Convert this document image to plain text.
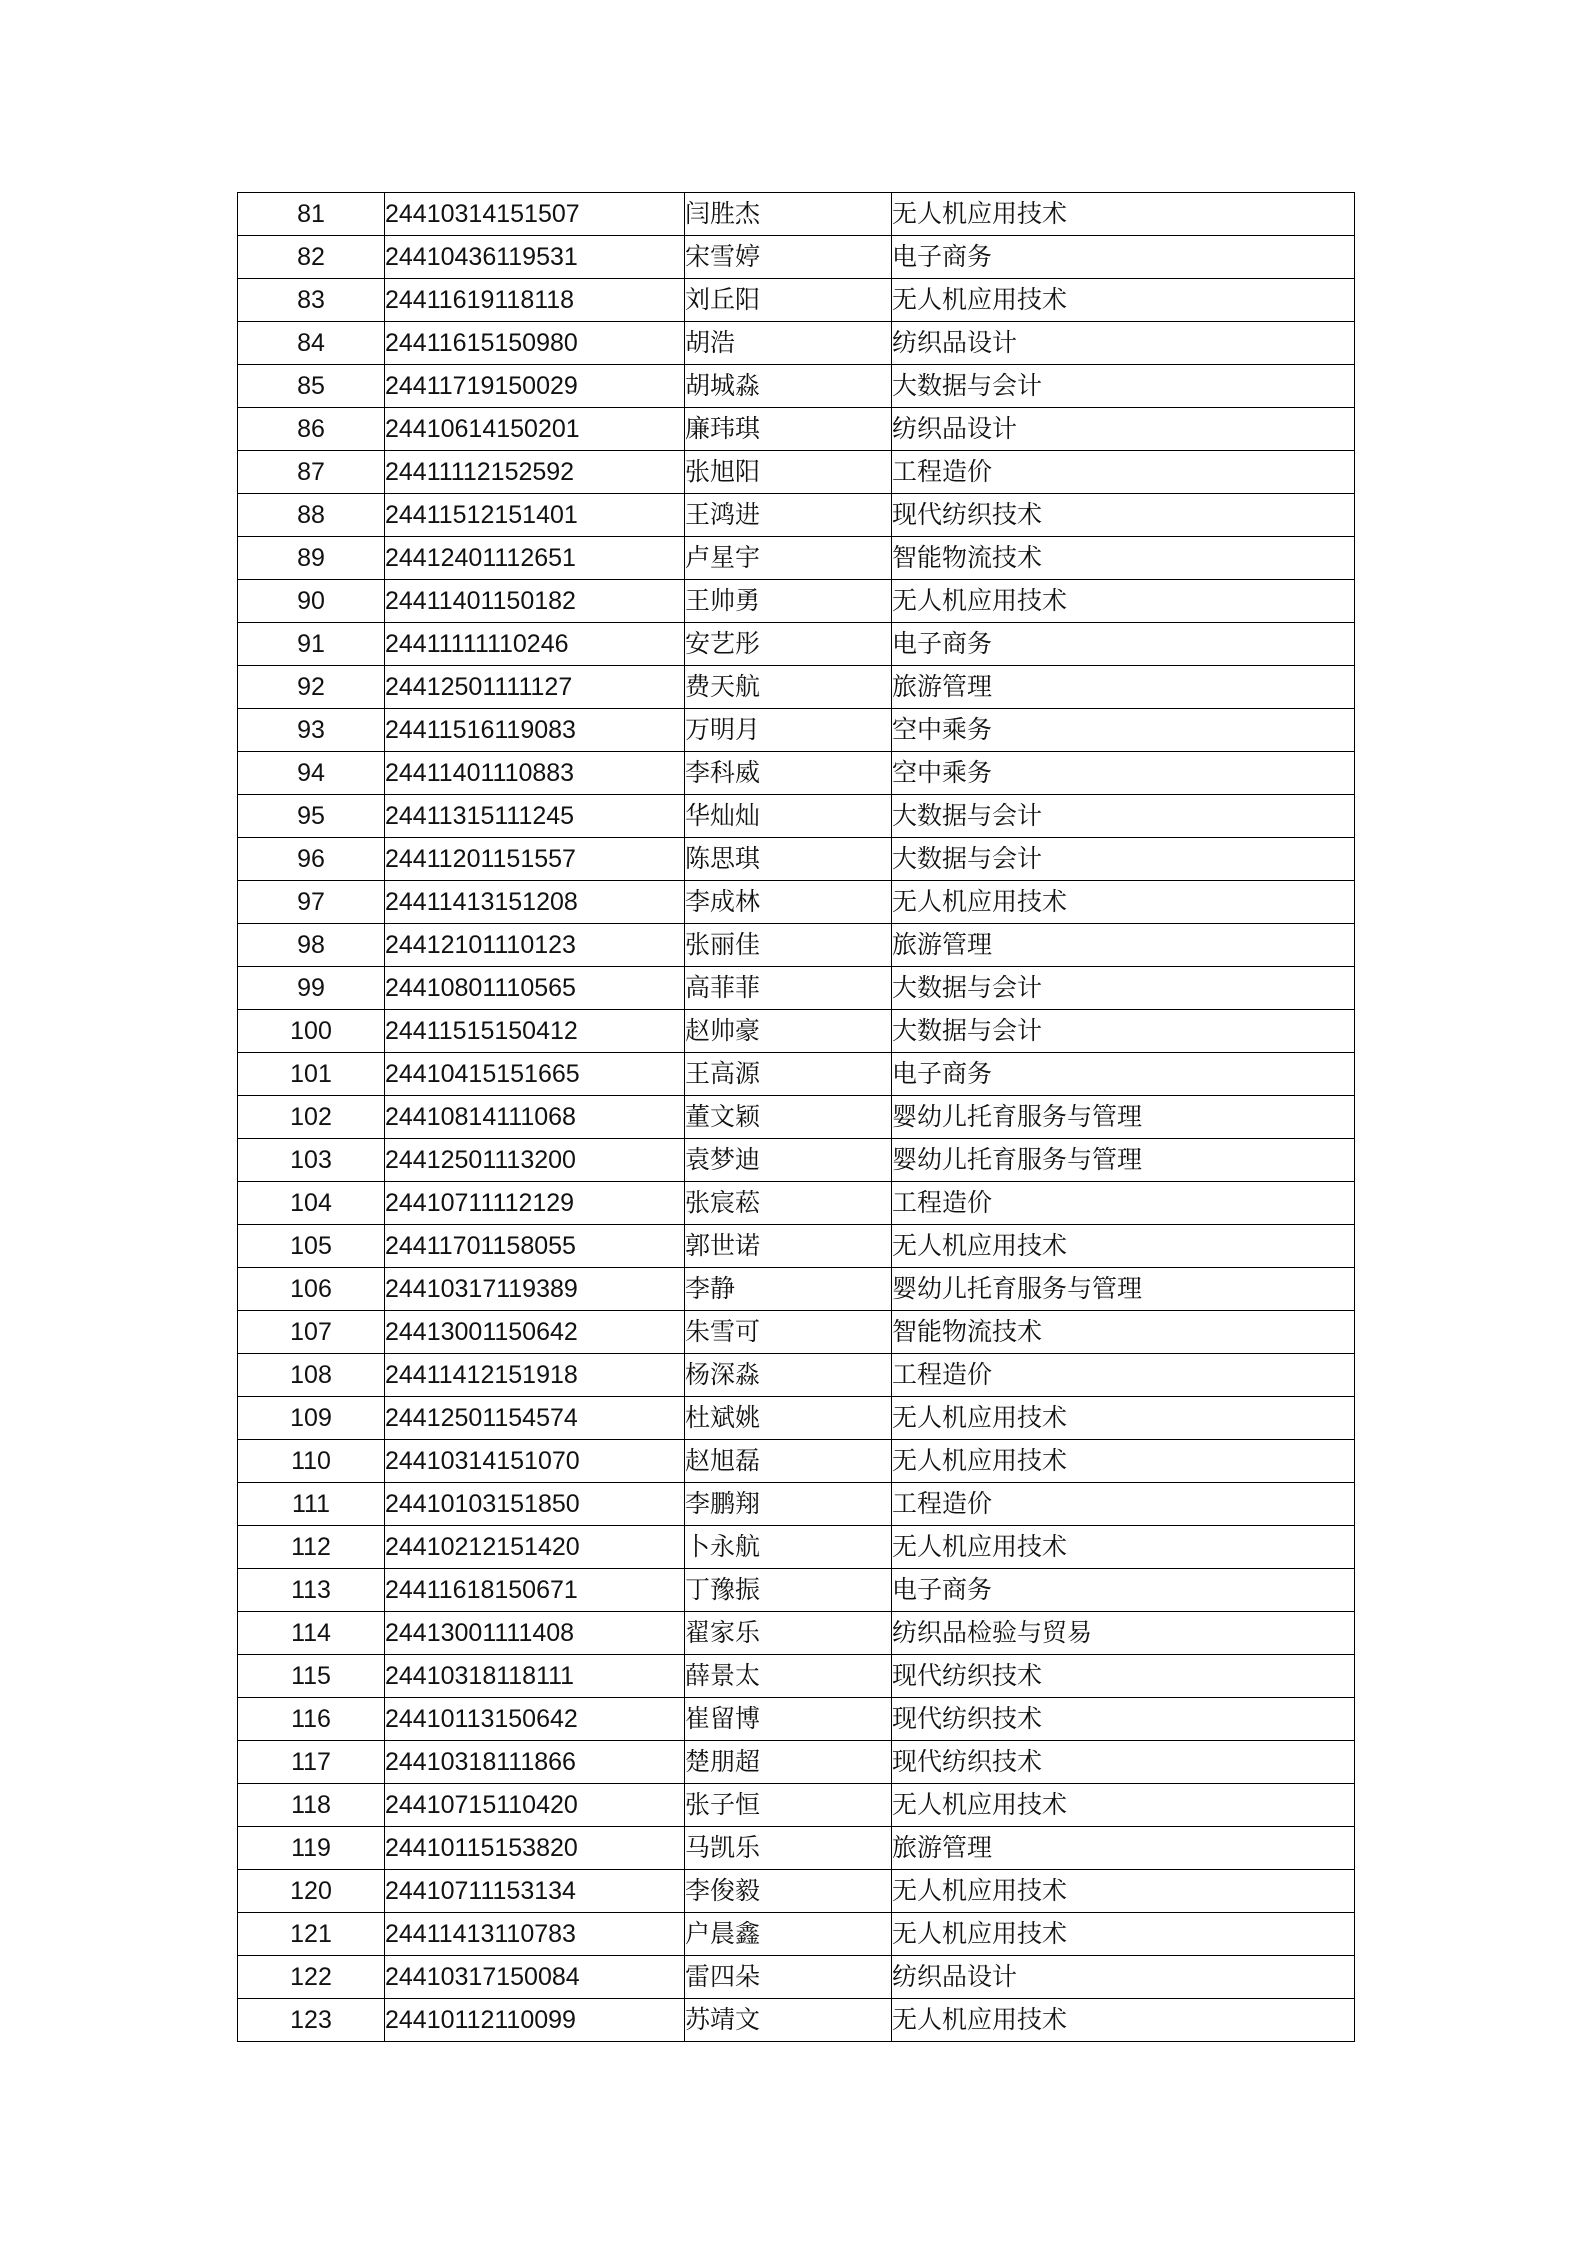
81	24410314151507	闫胜杰	无人机应用技术
82	24410436119531	宋雪婷	电子商务
83	24411619118118	刘丘阳	无人机应用技术
84	24411615150980	胡浩	纺织品设计
85	24411719150029	胡城淼	大数据与会计
86	24410614150201	廉玮琪	纺织品设计
87	24411112152592	张旭阳	工程造价
88	24411512151401	王鸿进	现代纺织技术
89	24412401112651	卢星宇	智能物流技术
90	24411401150182	王帅勇	无人机应用技术
91	24411111110246	安艺彤	电子商务
92	24412501111127	费天航	旅游管理
93	24411516119083	万明月	空中乘务
94	24411401110883	李科威	空中乘务
95	24411315111245	华灿灿	大数据与会计
96	24411201151557	陈思琪	大数据与会计
97	24411413151208	李成林	无人机应用技术
98	24412101110123	张丽佳	旅游管理
99	24410801110565	高菲菲	大数据与会计
100	24411515150412	赵帅豪	大数据与会计
101	24410415151665	王高源	电子商务
102	24410814111068	董文颖	婴幼儿托育服务与管理
103	24412501113200	袁梦迪	婴幼儿托育服务与管理
104	24410711112129	张宸菘	工程造价
105	24411701158055	郭世诺	无人机应用技术
106	24410317119389	李静	婴幼儿托育服务与管理
107	24413001150642	朱雪可	智能物流技术
108	24411412151918	杨深淼	工程造价
109	24412501154574	杜斌姚	无人机应用技术
110	24410314151070	赵旭磊	无人机应用技术
111	24410103151850	李鹏翔	工程造价
112	24410212151420	卜永航	无人机应用技术
113	24411618150671	丁豫振	电子商务
114	24413001111408	翟家乐	纺织品检验与贸易
115	24410318118111	薛景太	现代纺织技术
116	24410113150642	崔留博	现代纺织技术
117	24410318111866	楚朋超	现代纺织技术
118	24410715110420	张子恒	无人机应用技术
119	24410115153820	马凯乐	旅游管理
120	24410711153134	李俊毅	无人机应用技术
121	24411413110783	户晨鑫	无人机应用技术
122	24410317150084	雷四朵	纺织品设计
123	24410112110099	苏靖文	无人机应用技术
